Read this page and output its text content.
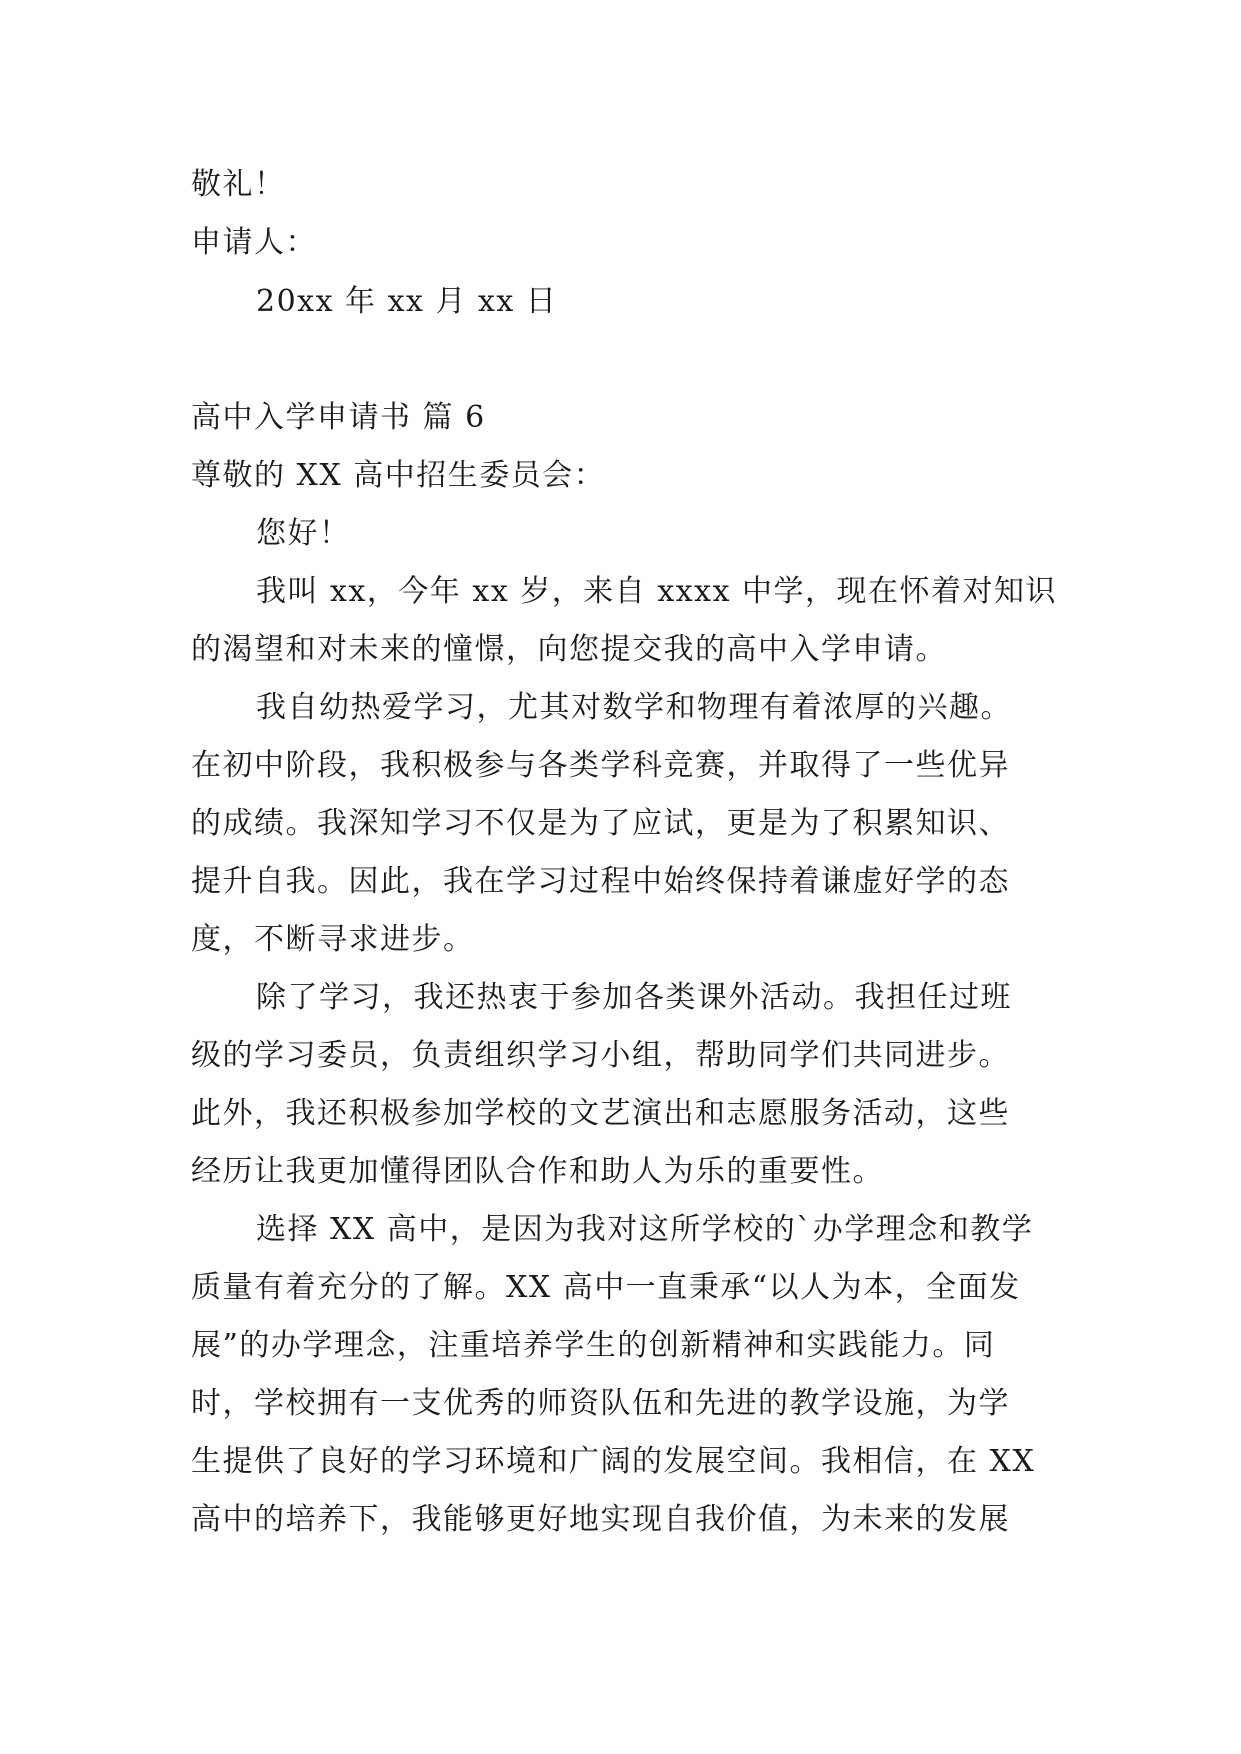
敬礼！
申请人：
20xx 年 xx 月 xx 日
高中入学申请书 篇 6
尊敬的 XX 高中招生委员会：
您好！
我叫 xx，今年 xx 岁，来自 xxxx 中学，现在怀着对知识
的渴望和对未来的憧憬，向您提交我的高中入学申请。
我自幼热爱学习，尤其对数学和物理有着浓厚的兴趣。
在初中阶段，我积极参与各类学科竞赛，并取得了一些优异
的成绩。我深知学习不仅是为了应试，更是为了积累知识、
提升自我。因此，我在学习过程中始终保持着谦虚好学的态
度，不断寻求进步。
除了学习，我还热衷于参加各类课外活动。我担任过班
级的学习委员，负责组织学习小组，帮助同学们共同进步。
此外，我还积极参加学校的文艺演出和志愿服务活动，这些
经历让我更加懂得团队合作和助人为乐的重要性。
选择 XX 高中，是因为我对这所学校的`办学理念和教学
质量有着充分的了解。XX 高中一直秉承“以人为本，全面发
展”的办学理念，注重培养学生的创新精神和实践能力。同
时，学校拥有一支优秀的师资队伍和先进的教学设施，为学
生提供了良好的学习环境和广阔的发展空间。我相信，在 XX
高中的培养下，我能够更好地实现自我价值，为未来的发展
